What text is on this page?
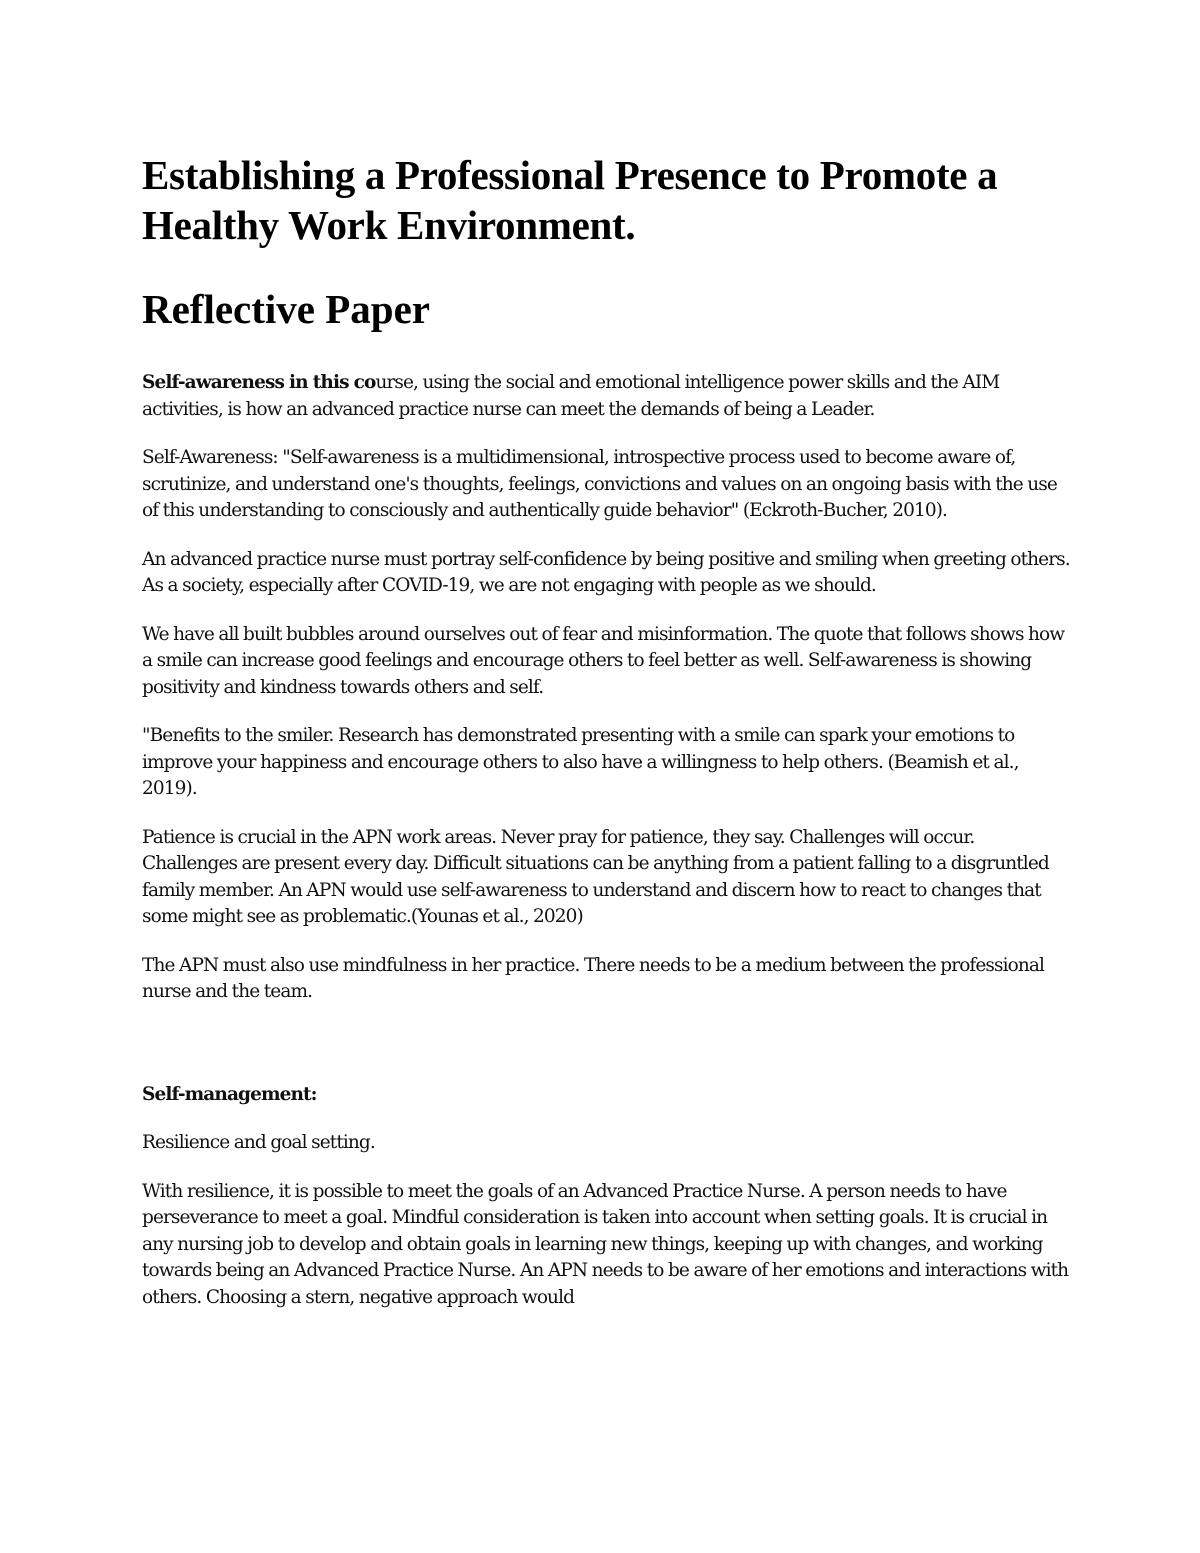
Establishing a Professional Presence to Promote a Healthy Work Environment.
Reflective Paper

Self-awareness in this course, using the social and emotional intelligence power skills and the AIM activities, is how an advanced practice nurse can meet the demands of being a Leader.

Self-Awareness: "Self-awareness is a multidimensional, introspective process used to become aware of, scrutinize, and understand one's thoughts, feelings, convictions and values on an ongoing basis with the use of this understanding to consciously and authentically guide behavior" (Eckroth-Bucher, 2010).

An advanced practice nurse must portray self-confidence by being positive and smiling when greeting others. As a society, especially after COVID-19, we are not engaging with people as we should.

We have all built bubbles around ourselves out of fear and misinformation. The quote that follows shows how a smile can increase good feelings and encourage others to feel better as well. Self-awareness is showing positivity and kindness towards others and self.

"Benefits to the smiler. Research has demonstrated presenting with a smile can spark your emotions to improve your happiness and encourage others to also have a willingness to help others. (Beamish et al., 2019).

Patience is crucial in the APN work areas. Never pray for patience, they say. Challenges will occur. Challenges are present every day. Difficult situations can be anything from a patient falling to a disgruntled family member. An APN would use self-awareness to understand and discern how to react to changes that some might see as problematic.(Younas et al., 2020)

The APN must also use mindfulness in her practice. There needs to be a medium between the professional nurse and the team.

Self-management:

Resilience and goal setting.

With resilience, it is possible to meet the goals of an Advanced Practice Nurse. A person needs to have perseverance to meet a goal. Mindful consideration is taken into account when setting goals. It is crucial in any nursing job to develop and obtain goals in learning new things, keeping up with changes, and working towards being an Advanced Practice Nurse. An APN needs to be aware of her emotions and interactions with others. Choosing a stern, negative approach would
